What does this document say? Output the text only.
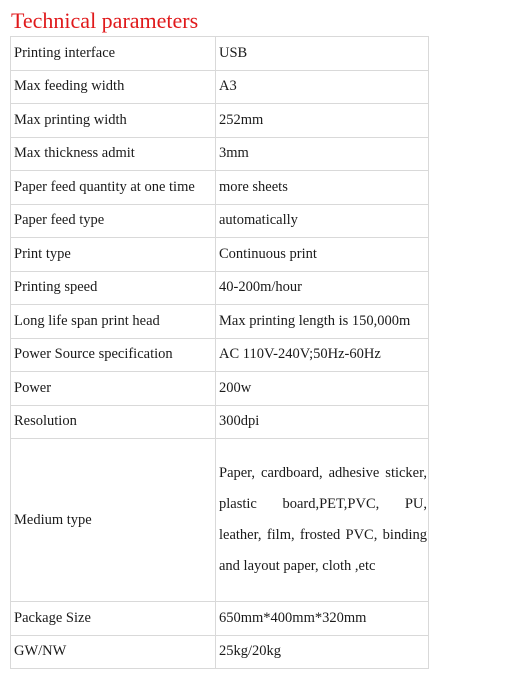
Technical parameters
Printing interface	USB
Max feeding width	A3
Max printing width	252mm
Max thickness admit	3mm
Paper feed quantity at one time	more sheets
Paper feed type	automatically
Print type	Continuous print
Printing speed	40-200m/hour
Long life span print head	Max printing length is 150,000m
Power Source specification	AC 110V-240V;50Hz-60Hz
Power	200w
Resolution	300dpi
Medium type	Paper, cardboard, adhesive sticker, plastic board,PET,PVC, PU, leather, film, frosted PVC, binding and layout paper, cloth ,etc
Package Size	650mm*400mm*320mm
GW/NW	25kg/20kg
